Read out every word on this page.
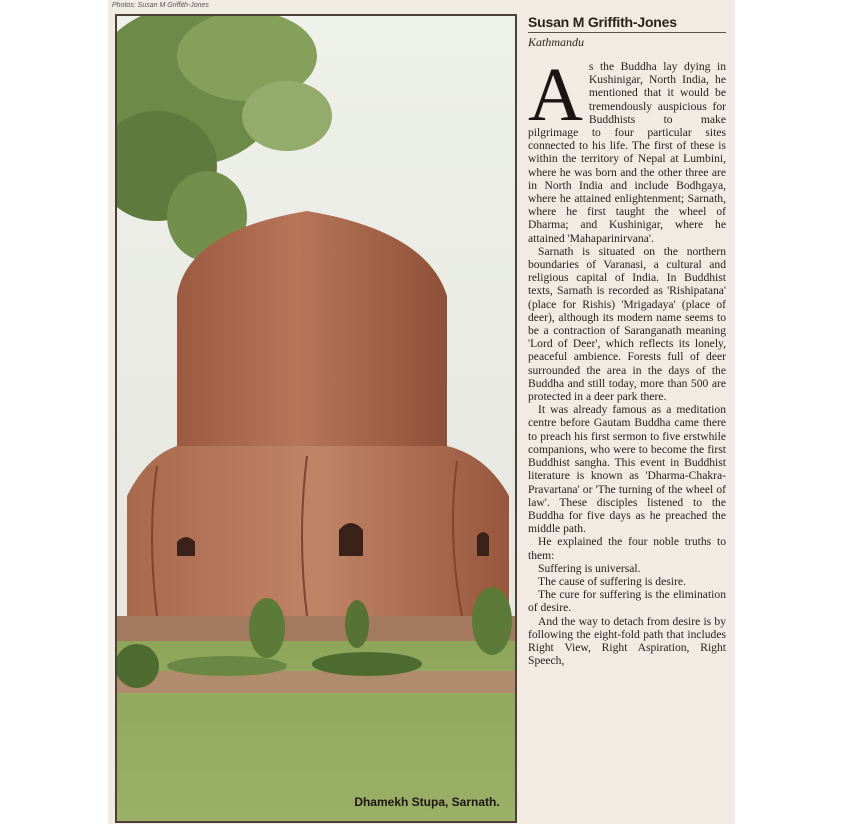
Photos: Susan M Griffith-Jones
Dhamekh Stupa, Sarnath.
Susan M Griffith-Jones
Kathmandu

As the Buddha lay dying in Kushinigar, North India, he mentioned that it would be tremendously auspicious for Buddhists to make pilgrimage to four particular sites connected to his life. The first of these is within the territory of Nepal at Lumbini, where he was born and the other three are in North India and include Bodhgaya, where he attained enlightenment; Sarnath, where he first taught the wheel of Dharma; and Kushinigar, where he attained 'Mahaparinirvana'.

Sarnath is situated on the northern boundaries of Varanasi, a cultural and religious capital of India. In Buddhist texts, Sarnath is recorded as 'Rishipatana' (place for Rishis) 'Mrigadaya' (place of deer), although its modern name seems to be a contraction of Saranganath meaning 'Lord of Deer', which reflects its lonely, peaceful ambience. Forests full of deer surrounded the area in the days of the Buddha and still today, more than 500 are protected in a deer park there.

It was already famous as a meditation centre before Gautam Buddha came there to preach his first sermon to five erstwhile companions, who were to become the first Buddhist sangha. This event in Buddhist literature is known as 'Dharma-Chakra-Pravartana' or 'The turning of the wheel of law'. These disciples listened to the Buddha for five days as he preached the middle path.

He explained the four noble truths to them:

Suffering is universal.

The cause of suffering is desire.

The cure for suffering is the elimination of desire.

And the way to detach from desire is by following the eight-fold path that includes Right View, Right Aspiration, Right Speech,
